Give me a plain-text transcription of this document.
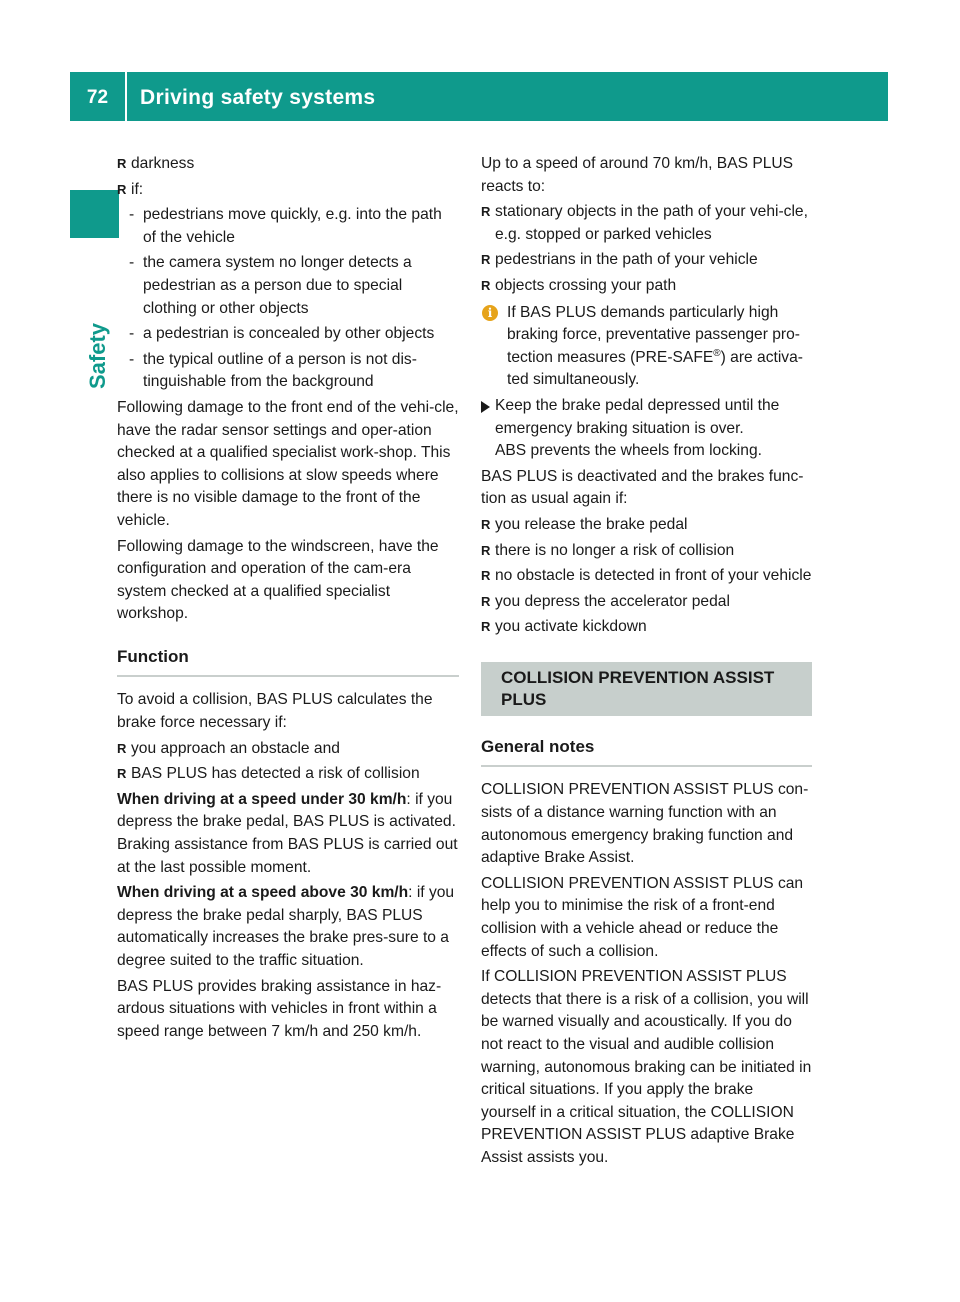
72	Driving safety systems
Safety
R darkness
R if:
- pedestrians move quickly, e.g. into the path of the vehicle
- the camera system no longer detects a pedestrian as a person due to special clothing or other objects
- a pedestrian is concealed by other objects
- the typical outline of a person is not dis-tinguishable from the background

Following damage to the front end of the vehi-cle, have the radar sensor settings and oper-ation checked at a qualified specialist work-shop. This also applies to collisions at slow speeds where there is no visible damage to the front of the vehicle.

Following damage to the windscreen, have the configuration and operation of the cam-era system checked at a qualified specialist workshop.

Function

To avoid a collision, BAS PLUS calculates the brake force necessary if:

R you approach an obstacle and
R BAS PLUS has detected a risk of collision

When driving at a speed under 30 km/h: if you depress the brake pedal, BAS PLUS is activated. Braking assistance from BAS PLUS is carried out at the last possible moment.

When driving at a speed above 30 km/h: if you depress the brake pedal sharply, BAS PLUS automatically increases the brake pres-sure to a degree suited to the traffic situation.

BAS PLUS provides braking assistance in haz-ardous situations with vehicles in front within a speed range between 7 km/h and 250 km/h.

Up to a speed of around 70 km/h, BAS PLUS reacts to:

R stationary objects in the path of your vehi-cle, e.g. stopped or parked vehicles
R pedestrians in the path of your vehicle
R objects crossing your path
i If BAS PLUS demands particularly high braking force, preventative passenger pro-tection measures (PRE-SAFE®) are activa-ted simultaneously.
Keep the brake pedal depressed until the emergency braking situation is over.
ABS prevents the wheels from locking.

BAS PLUS is deactivated and the brakes func-tion as usual again if:

R you release the brake pedal
R there is no longer a risk of collision
R no obstacle is detected in front of your vehicle
R you depress the accelerator pedal
R you activate kickdown
COLLISION PREVENTION ASSIST PLUS
General notes

COLLISION PREVENTION ASSIST PLUS con-sists of a distance warning function with an autonomous emergency braking function and adaptive Brake Assist.

COLLISION PREVENTION ASSIST PLUS can help you to minimise the risk of a front-end collision with a vehicle ahead or reduce the effects of such a collision.

If COLLISION PREVENTION ASSIST PLUS detects that there is a risk of a collision, you will be warned visually and acoustically. If you do not react to the visual and audible collision warning, autonomous braking can be initiated in critical situations. If you apply the brake yourself in a critical situation, the COLLISION PREVENTION ASSIST PLUS adaptive Brake Assist assists you.
